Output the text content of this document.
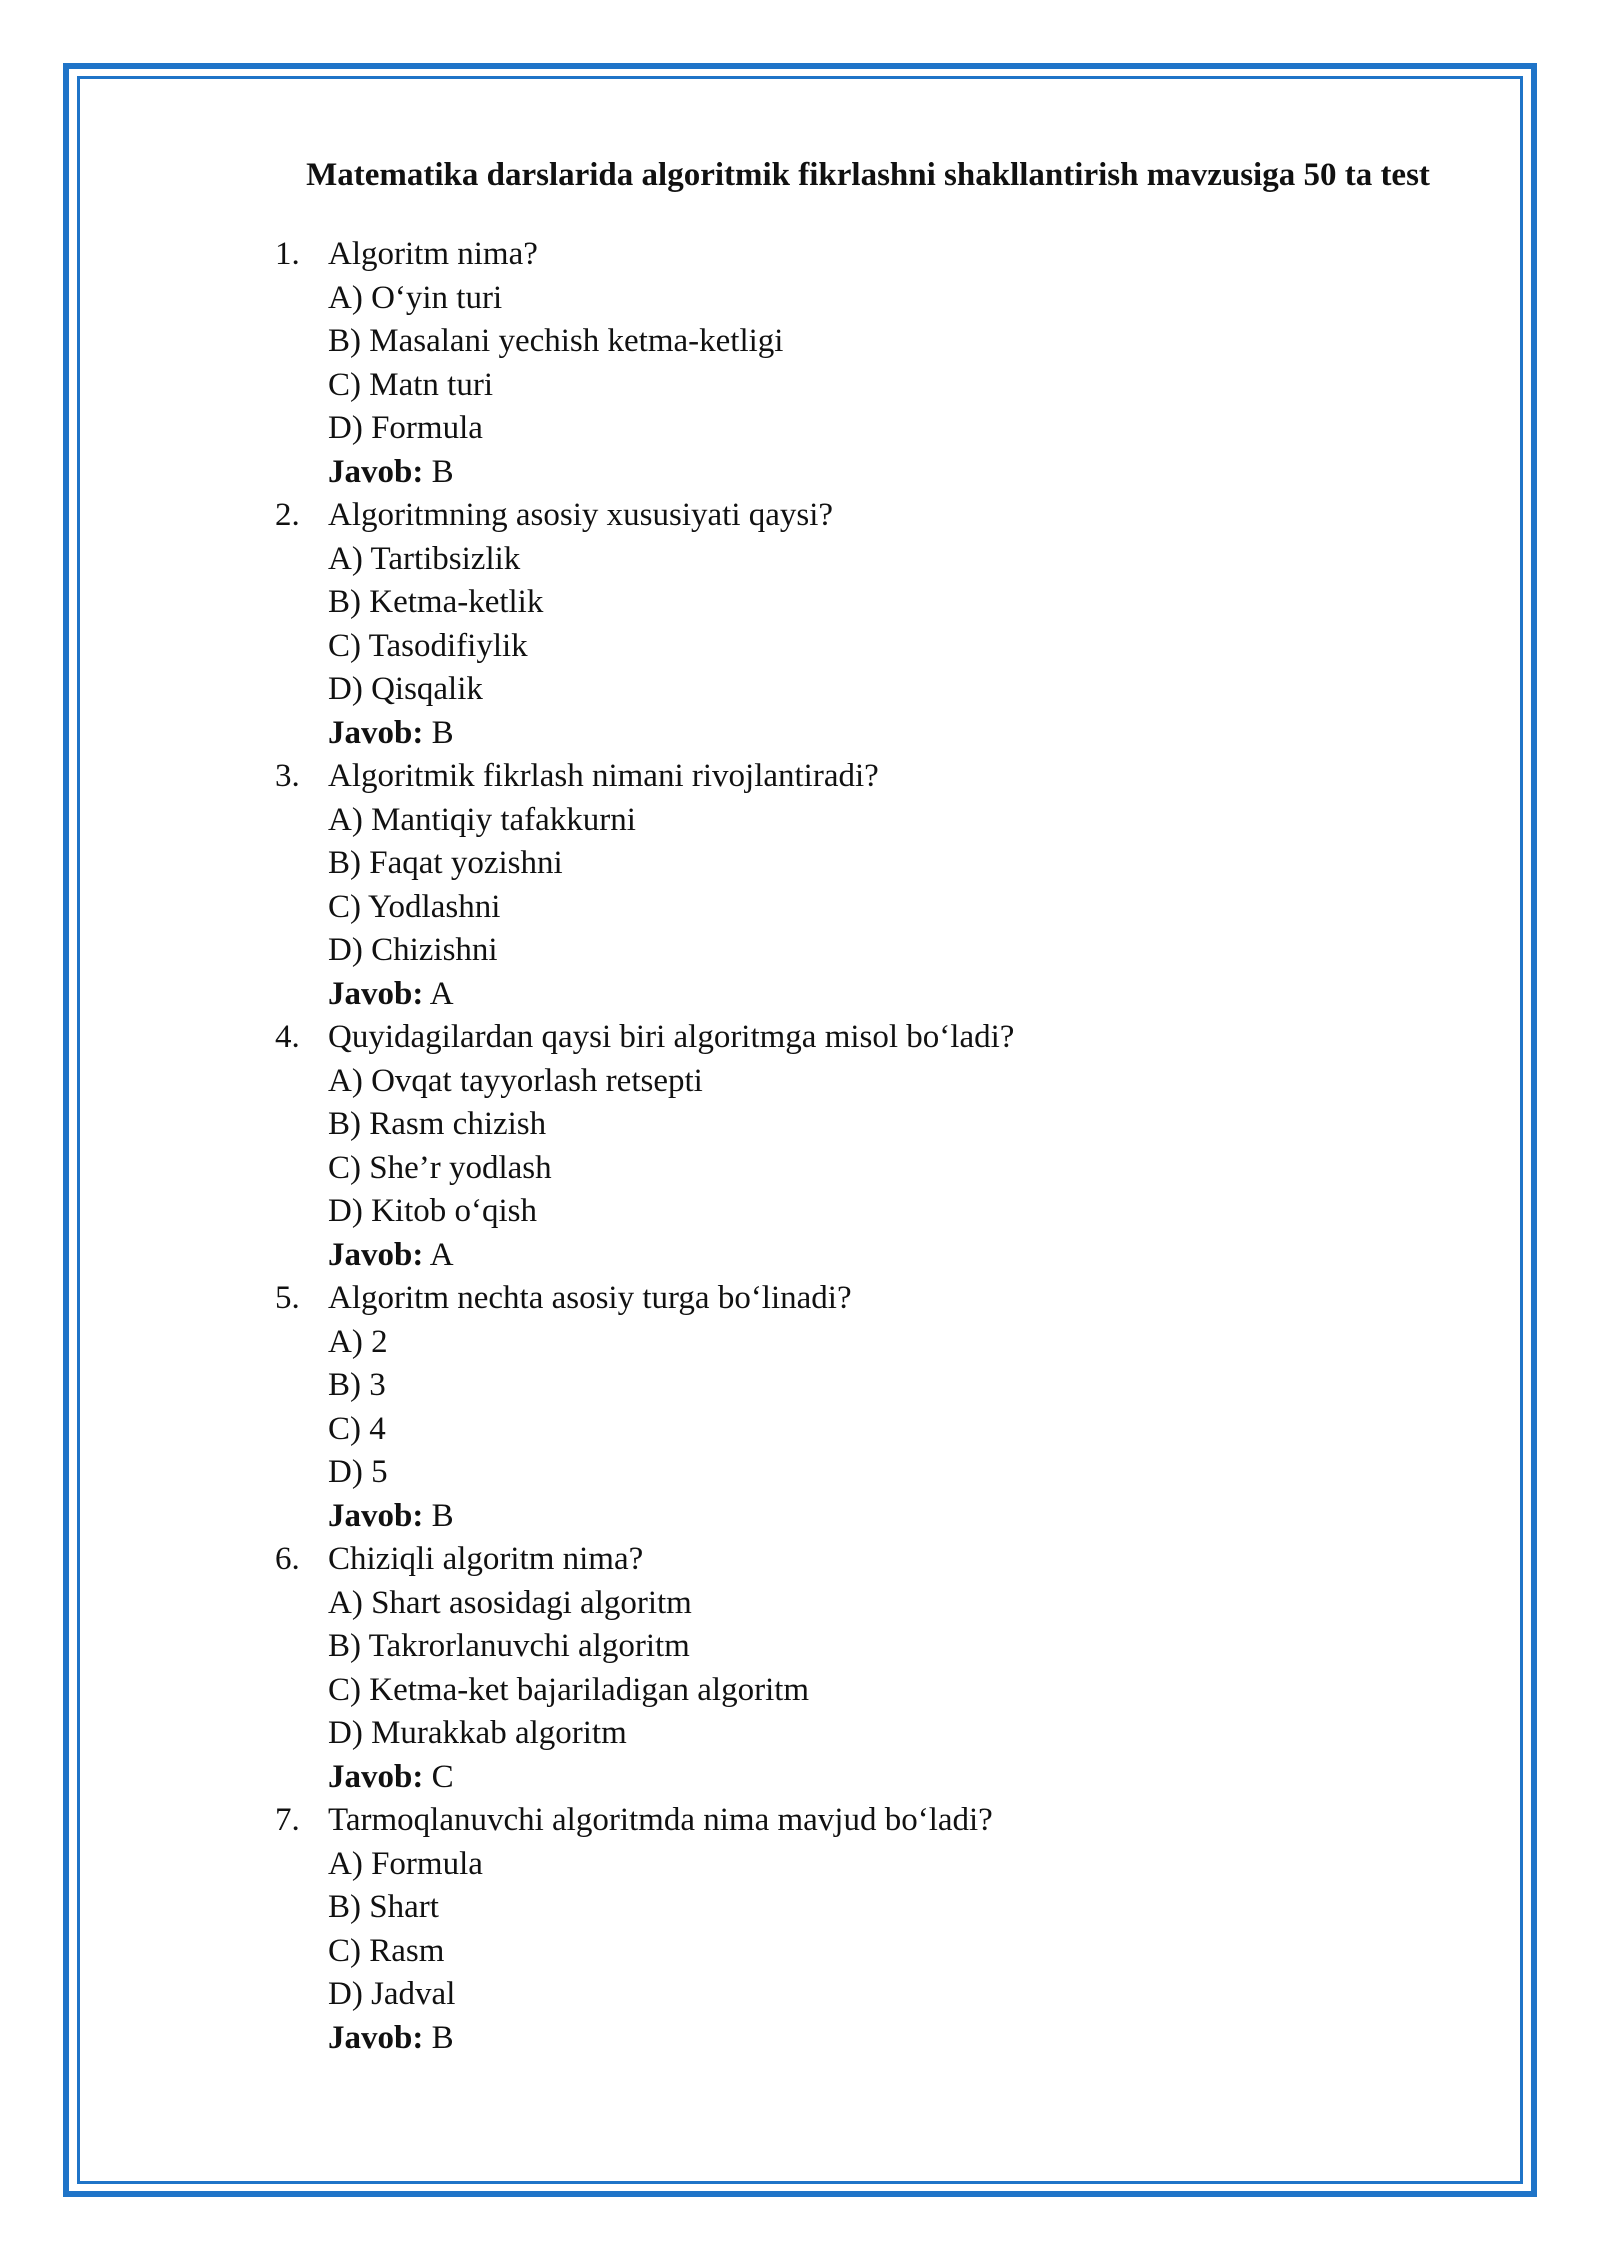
Matematika darslarida algoritmik fikrlashni shakllantirish mavzusiga 50 ta test
1. Algoritm nima?
A) O‘yin turi
B) Masalani yechish ketma-ketligi
C) Matn turi
D) Formula
Javob: B
2. Algoritmning asosiy xususiyati qaysi?
A) Tartibsizlik
B) Ketma-ketlik
C) Tasodifiylik
D) Qisqalik
Javob: B
3. Algoritmik fikrlash nimani rivojlantiradi?
A) Mantiqiy tafakkurni
B) Faqat yozishni
C) Yodlashni
D) Chizishni
Javob: A
4. Quyidagilardan qaysi biri algoritmga misol bo‘ladi?
A) Ovqat tayyorlash retsepti
B) Rasm chizish
C) She’r yodlash
D) Kitob o‘qish
Javob: A
5. Algoritm nechta asosiy turga bo‘linadi?
A) 2
B) 3
C) 4
D) 5
Javob: B
6. Chiziqli algoritm nima?
A) Shart asosidagi algoritm
B) Takrorlanuvchi algoritm
C) Ketma-ket bajariladigan algoritm
D) Murakkab algoritm
Javob: C
7. Tarmoqlanuvchi algoritmda nima mavjud bo‘ladi?
A) Formula
B) Shart
C) Rasm
D) Jadval
Javob: B
